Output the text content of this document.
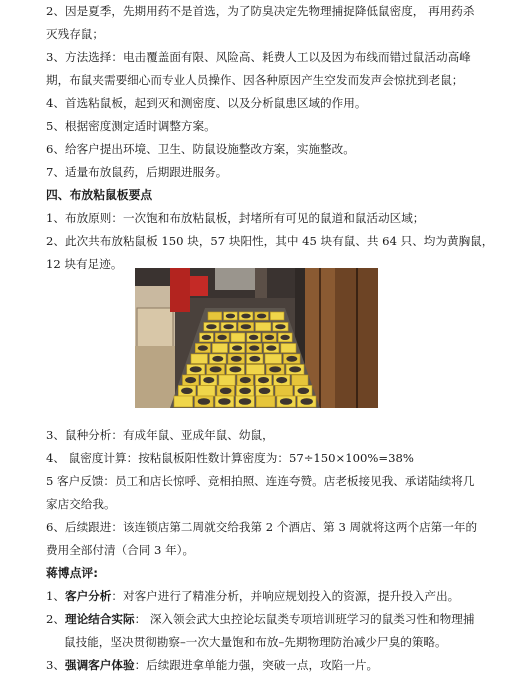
2、因是夏季，先期用药不是首选，为了防臭决定先物理捕捉降低鼠密度， 再用药杀
灭残存鼠；
3、方法选择：电击覆盖面有限、风险高、耗费人工以及因为布线而错过鼠活动高峰
期，布鼠夹需要细心而专业人员操作、因各种原因产生空发而发声会惊扰到老鼠；
4、首选粘鼠板，起到灭和测密度、以及分析鼠患区域的作用。
5、根据密度测定适时调整方案。
6、给客户提出环境、卫生、防鼠设施整改方案，实施整改。
7、适量布放鼠药，后期跟进服务。
四、布放粘鼠板要点
1、布放原则：一次饱和布放粘鼠板，封堵所有可见的鼠道和鼠活动区域；
2、此次共布放粘鼠板 150 块，57 块阳性，其中 45 块有鼠、共 64 只、均为黄胸鼠，
12 块有足迹。
3、鼠种分析：有成年鼠、亚成年鼠、幼鼠，
4、 鼠密度计算：按粘鼠板阳性数计算密度为：57÷150×100%=38%
5 客户反馈：员工和店长惊呼、竞相拍照、连连夸赞。店老板接见我、承诺陆续将几
家店交给我。
6、后续跟进：该连锁店第二周就交给我第 2 个酒店、第 3 周就将这两个店第一年的
费用全部付清（合同 3 年）。
蒋博点评:
1、客户分析：对客户进行了精准分析，并响应规划投入的资源，提升投入产出。
2、理论结合实际： 深入领会武大虫控论坛鼠类专项培训班学习的鼠类习性和物理捕
鼠技能，坚决贯彻勘察–一次大量饱和布放–先期物理防治减少尸臭的策略。
3、强调客户体验：后续跟进拿单能力强，突破一点，攻陷一片。
